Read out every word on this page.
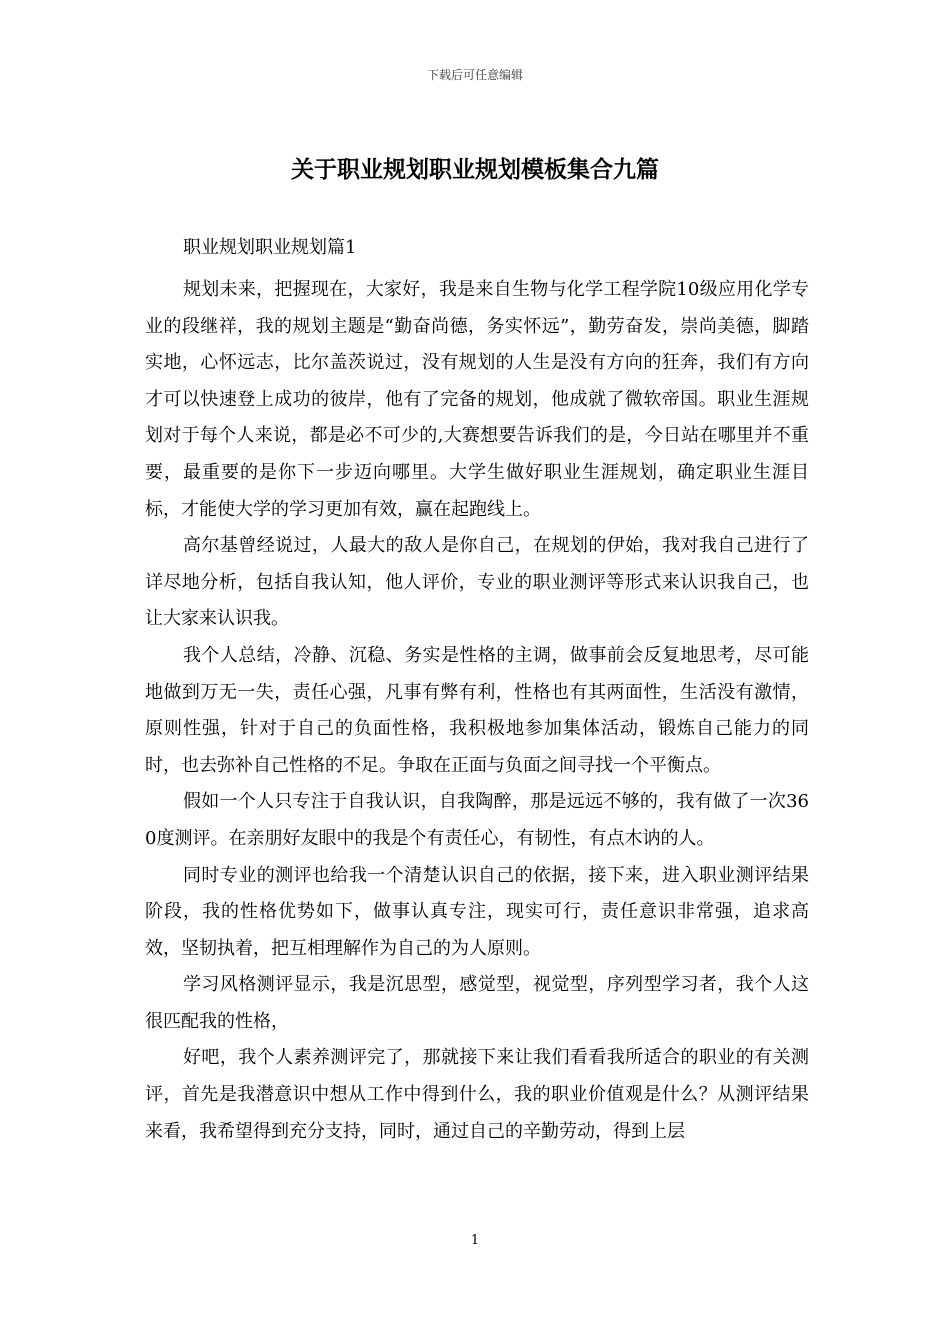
下载后可任意编辑
关于职业规划职业规划模板集合九篇

职业规划职业规划篇1

规划未来，把握现在，大家好，我是来自生物与化学工程学院10级应用化学专业的段继祥，我的规划主题是“勤奋尚德，务实怀远”，勤劳奋发，崇尚美德，脚踏实地，心怀远志，比尔盖茨说过，没有规划的人生是没有方向的狂奔，我们有方向才可以快速登上成功的彼岸，他有了完备的规划，他成就了微软帝国。职业生涯规划对于每个人来说，都是必不可少的,大赛想要告诉我们的是，今日站在哪里并不重要，最重要的是你下一步迈向哪里。大学生做好职业生涯规划，确定职业生涯目标，才能使大学的学习更加有效，赢在起跑线上。

高尔基曾经说过，人最大的敌人是你自己，在规划的伊始，我对我自己进行了详尽地分析，包括自我认知，他人评价，专业的职业测评等形式来认识我自己，也让大家来认识我。

我个人总结，冷静、沉稳、务实是性格的主调，做事前会反复地思考，尽可能地做到万无一失，责任心强，凡事有弊有利，性格也有其两面性，生活没有激情，原则性强，针对于自己的负面性格，我积极地参加集体活动，锻炼自己能力的同时，也去弥补自己性格的不足。争取在正面与负面之间寻找一个平衡点。

假如一个人只专注于自我认识，自我陶醉，那是远远不够的，我有做了一次360度测评。在亲朋好友眼中的我是个有责任心，有韧性，有点木讷的人。

同时专业的测评也给我一个清楚认识自己的依据，接下来，进入职业测评结果阶段，我的性格优势如下，做事认真专注，现实可行，责任意识非常强，追求高效，坚韧执着，把互相理解作为自己的为人原则。

学习风格测评显示，我是沉思型，感觉型，视觉型，序列型学习者，我个人这很匹配我的性格，

好吧，我个人素养测评完了，那就接下来让我们看看我所适合的职业的有关测评，首先是我潜意识中想从工作中得到什么，我的职业价值观是什么？从测评结果来看，我希望得到充分支持，同时，通过自己的辛勤劳动，得到上层

1
